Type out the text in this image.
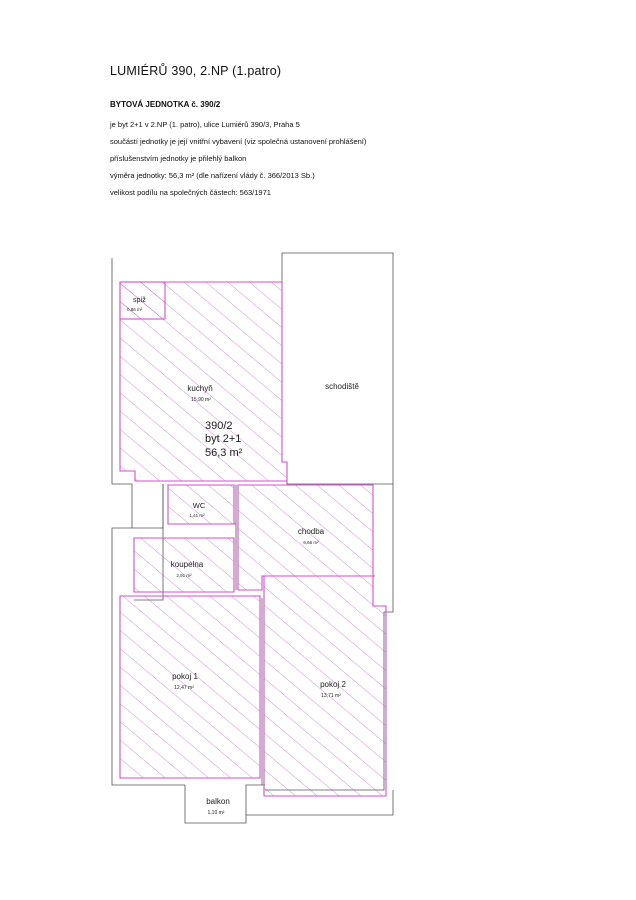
LUMIÉRŮ 390, 2.NP (1.patro)
BYTOVÁ JEDNOTKA č. 390/2
je byt 2+1 v 2.NP (1. patro), ulice Lumiérů 390/3, Praha 5
součástí jednotky je její vnitřní vybavení (viz společná ustanovení prohlášení)
příslušenstvím jednotky je přilehlý balkon
výměra jednotky: 56,3 m² (dle nařízení vlády č. 366/2013 Sb.)
velikost podílu na společných částech: 563/1971
spíž
0,86 m²
kuchyň
15,90 m²
390/2
byt 2+1
56,3 m²
WC
1,41 m²
chodba
6,66 m²
koupelna
2,91 m²
pokoj 1
12,47 m²	pokoj 2
13,71 m²
schodiště
balkon
1,10 m²
